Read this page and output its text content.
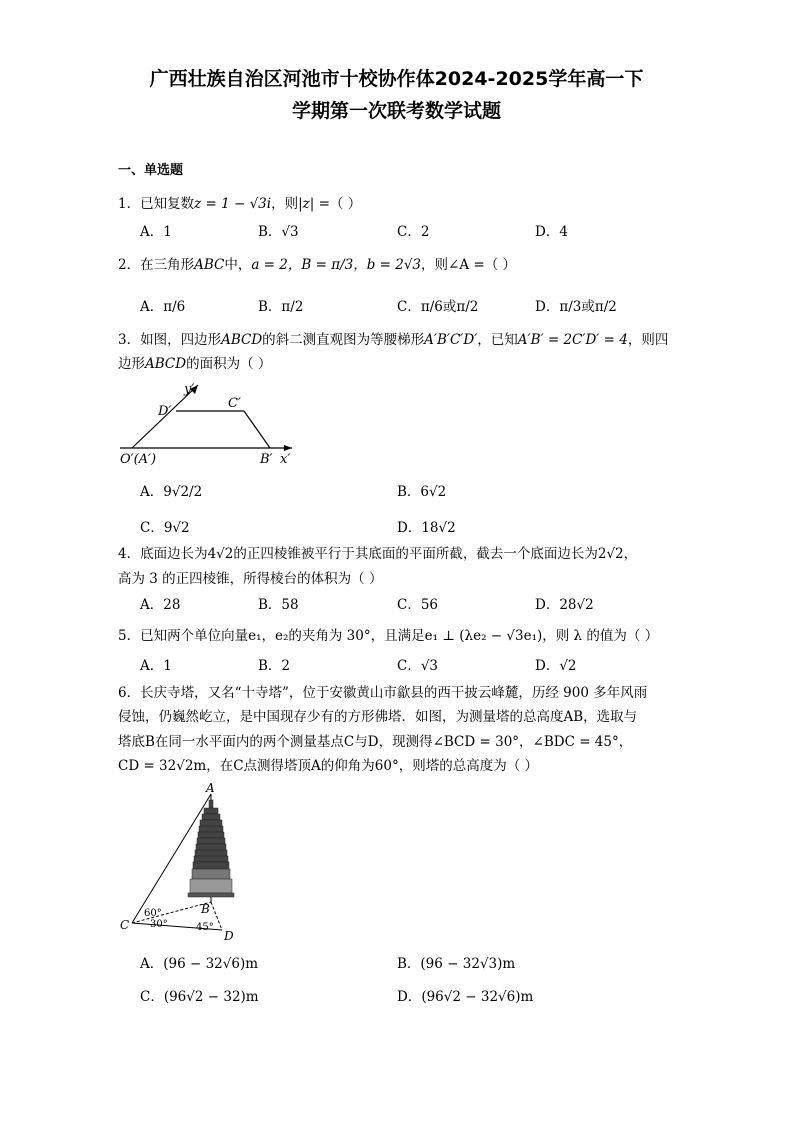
广西壮族自治区河池市十校协作体2024-2025学年高一下
学期第一次联考数学试题
一、单选题
1．已知复数z = 1 − √3i，则|z| =（ ）
A．1	B．√3	C．2	D．4
2．在三角形ABC中，a = 2，B = π/3，b = 2√3，则∠A =（ ）
A．π/6	B．π/2	C．π/6或π/2	D．π/3或π/2
3．如图，四边形ABCD的斜二测直观图为等腰梯形A′B′C′D′，已知A′B′ = 2C′D′ = 4，则四
边形ABCD的面积为（ ）
y′
D′
C′
O′(A′)	B′ x′
A．9√2/2	B．6√2
C．9√2	D．18√2
4．底面边长为4√2的正四棱锥被平行于其底面的平面所截，截去一个底面边长为2√2，
高为 3 的正四棱锥，所得棱台的体积为（ ）
A．28	B．58	C．56	D．28√2
5．已知两个单位向量e₁，e₂的夹角为 30°，且满足e₁ ⊥ (λe₂ − √3e₁)，则 λ 的值为（ ）
A．1	B．2	C．√3	D．√2
6．长庆寺塔，又名“十寺塔”，位于安徽黄山市歙县的西干披云峰麓，历经 900 多年风雨
侵蚀，仍巍然屹立，是中国现存少有的方形佛塔．如图，为测量塔的总高度AB，选取与
塔底B在同一水平面内的两个测量基点C与D，现测得∠BCD = 30°，∠BDC = 45°，
CD = 32√2m，在C点测得塔顶A的仰角为60°，则塔的总高度为（ ）
A
B
C
D
60°
30°	45°
A．(96 − 32√6)m	B．(96 − 32√3)m
C．(96√2 − 32)m	D．(96√2 − 32√6)m
